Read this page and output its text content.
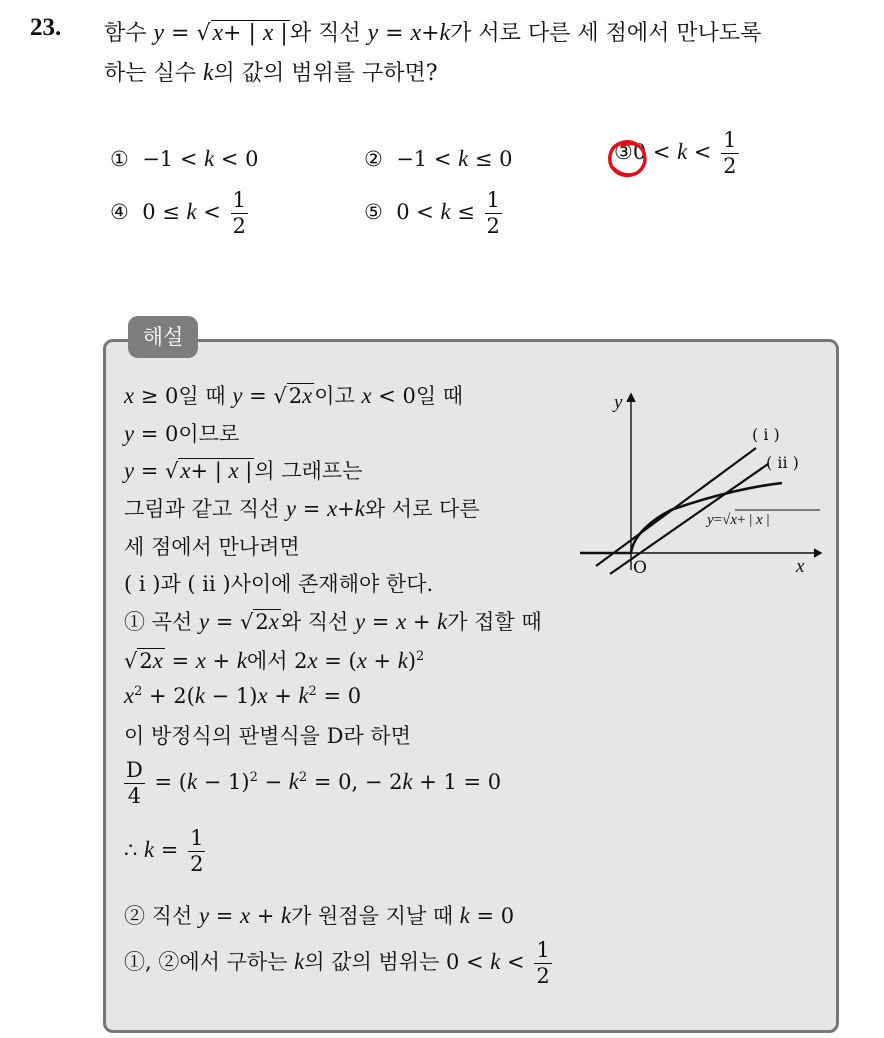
23. 함수 y = √x+ | x |와 직선 y = x+k가 서로 다른 세 점에서 만나도록
하는 실수 k의 값의 범위를 구하면?
① −1 < k < 0	② −1 < k ≤ 0	③0 < $k < \frac{1}{2}$
④ $0 \le k < \frac{1}{2}$	⑤ $0 < k \le \frac{1}{2}$
해설
x ≥ 0일 때 y = √2x이고 x < 0일 때
y = 0이므로
y = √x+ | x |의 그래프는
그림과 같고 직선 y = x+k와 서로 다른
세 점에서 만나려면
( i )과 ( ii )사이에 존재해야 한다.
① 곡선 y = √2x와 직선 y = x + k가 접할 때
√2x = x + k에서 $2x = (x + k)^2$
$x^2 + 2(k - 1)x + k^2 = 0$
이 방정식의 판별식을 D라 하면
$\frac{D}{4} = (k - 1)^2 - k^2 = 0$, − 2k + 1 = 0
∴ $k = \frac{1}{2}$
② 직선 y = x + k가 원점을 지날 때 k = 0
①, ②에서 구하는 k의 값의 범위는 $0 < k < \frac{1}{2}$
y
x
O
( i )
( ii )
y=√x+ | x |
